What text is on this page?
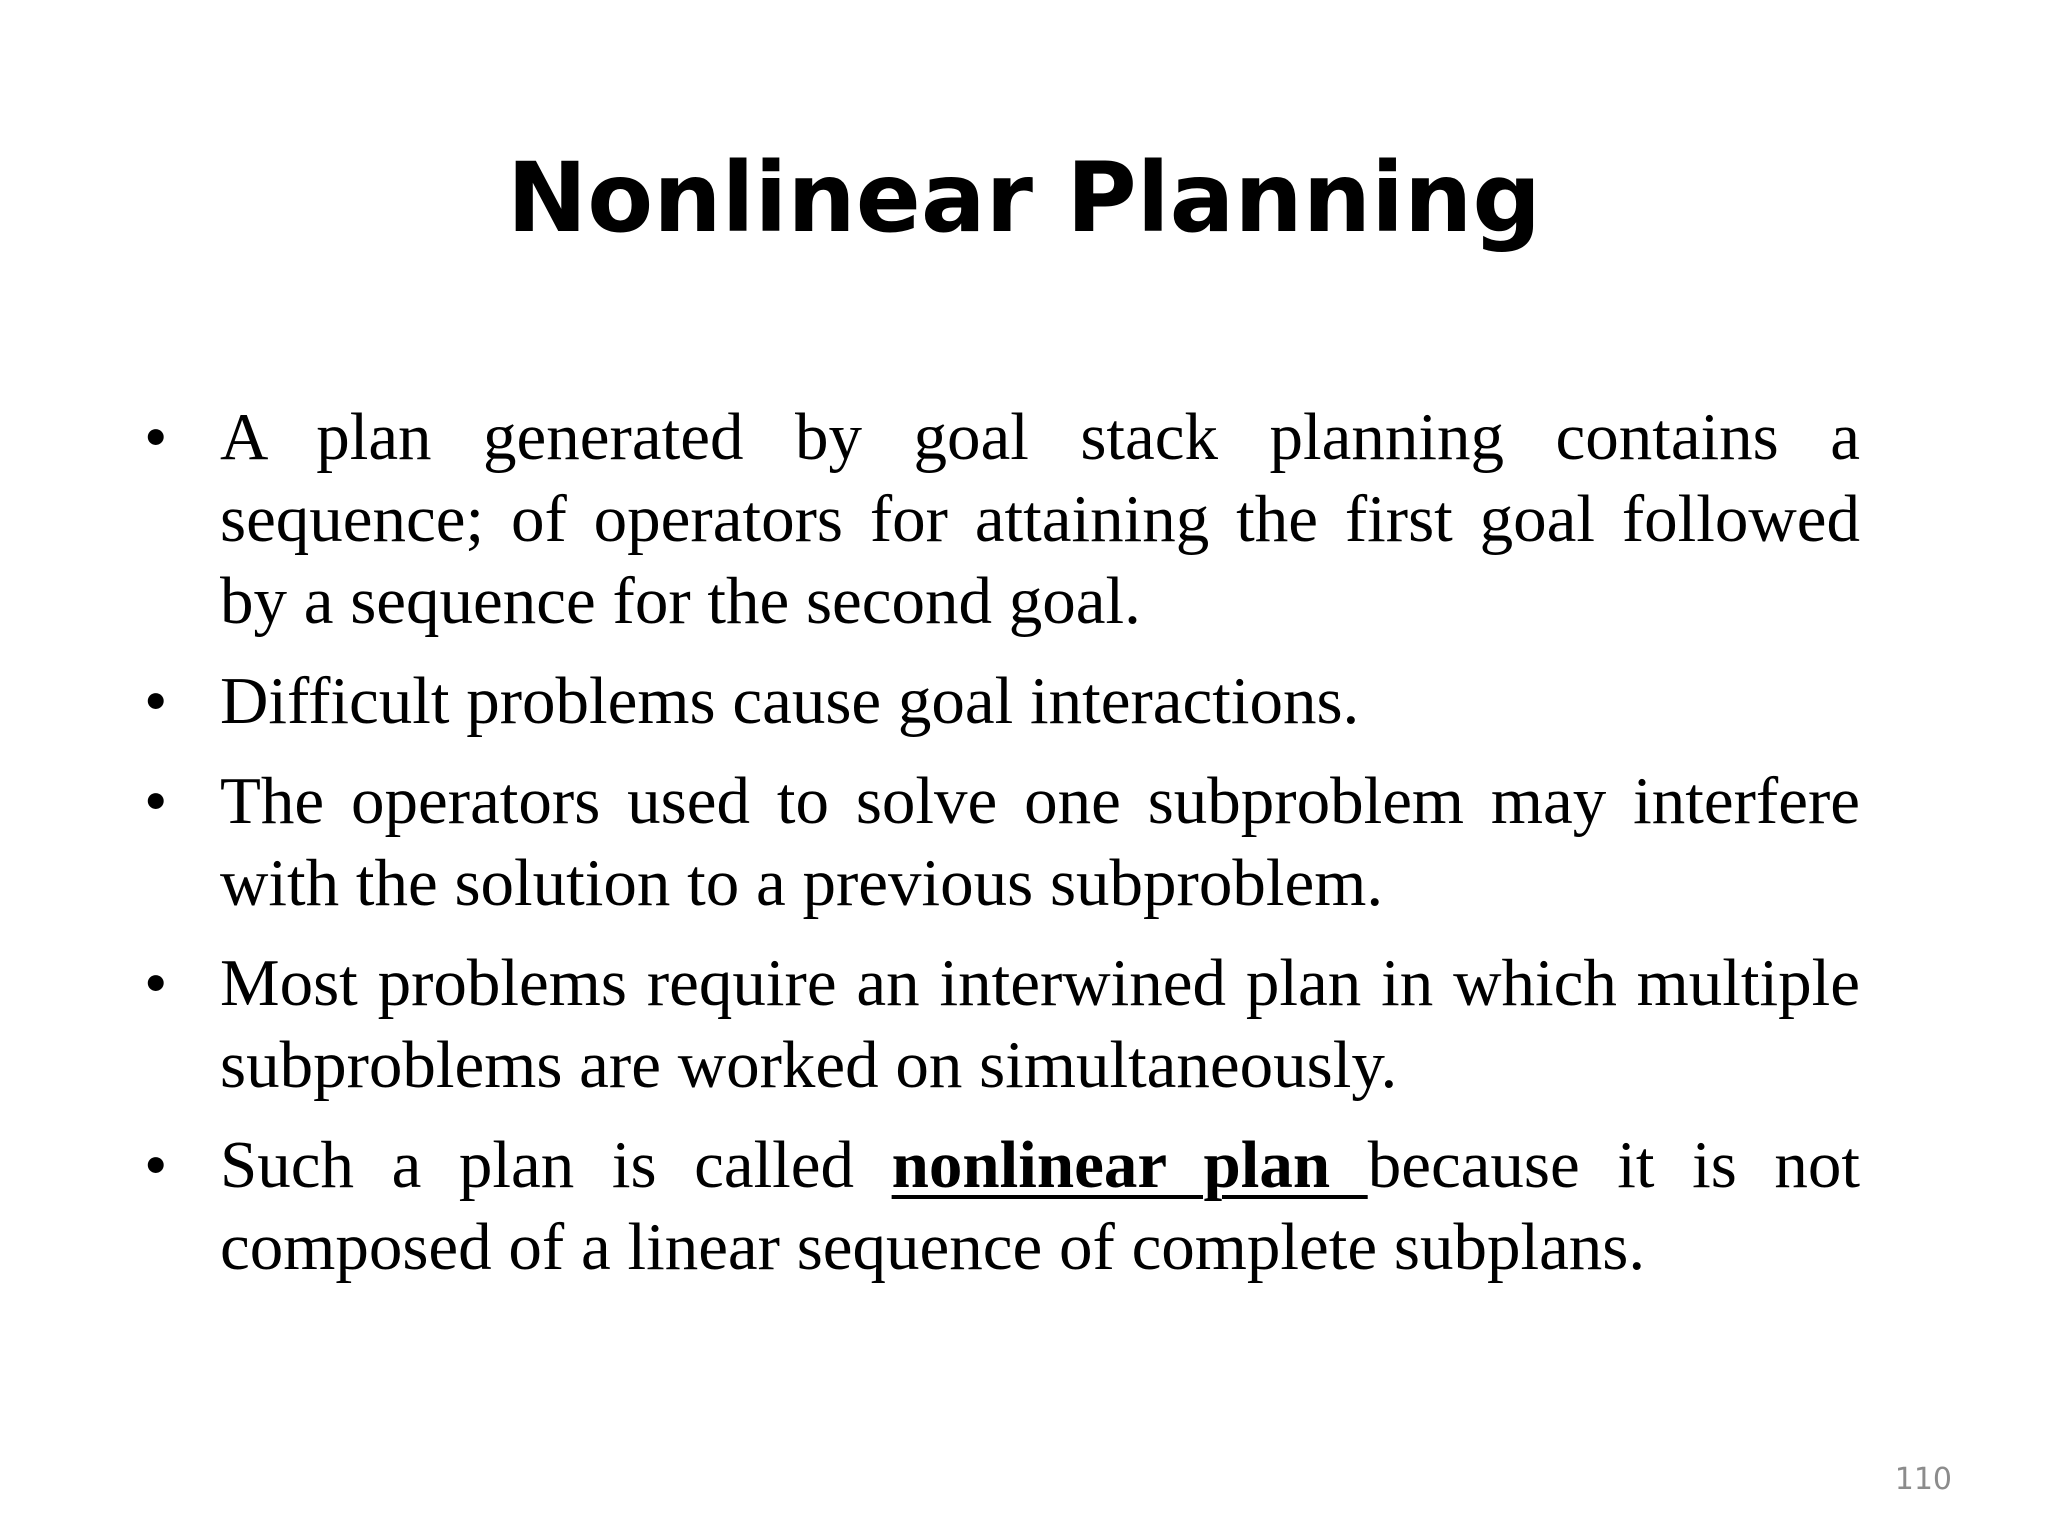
Nonlinear Planning
• A plan generated by goal stack planning contains a sequence; of operators for attaining the first goal followed by a sequence for the second goal.
• Difficult problems cause goal interactions.
• The operators used to solve one subproblem may interfere with the solution to a previous subproblem.
• Most problems require an interwined plan in which multiple subproblems are worked on simultaneously.
• Such a plan is called nonlinear plan because it is not composed of a linear sequence of complete subplans.
110
